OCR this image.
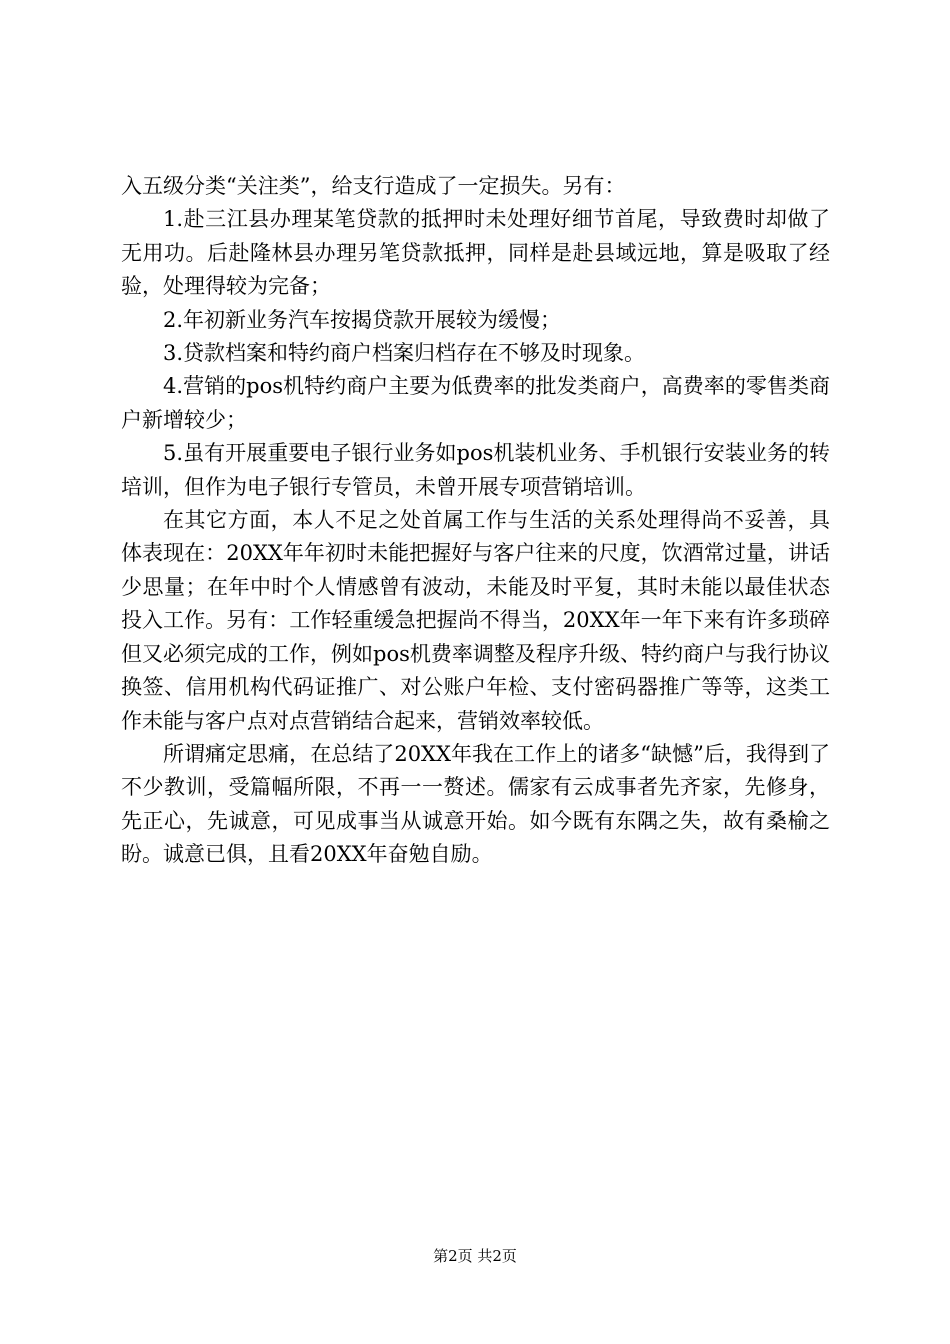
入五级分类“关注类”，给支行造成了一定损失。另有：

1.赴三江县办理某笔贷款的抵押时未处理好细节首尾，导致费时却做了无用功。后赴隆林县办理另笔贷款抵押，同样是赴县域远地，算是吸取了经验，处理得较为完备；

2.年初新业务汽车按揭贷款开展较为缓慢；

3.贷款档案和特约商户档案归档存在不够及时现象。

4.营销的pos机特约商户主要为低费率的批发类商户，高费率的零售类商户新增较少；

5.虽有开展重要电子银行业务如pos机装机业务、手机银行安装业务的转培训，但作为电子银行专管员，未曾开展专项营销培训。

在其它方面，本人不足之处首属工作与生活的关系处理得尚不妥善，具体表现在：20XX年年初时未能把握好与客户往来的尺度，饮酒常过量，讲话少思量；在年中时个人情感曾有波动，未能及时平复，其时未能以最佳状态投入工作。另有：工作轻重缓急把握尚不得当，20XX年一年下来有许多琐碎但又必须完成的工作，例如pos机费率调整及程序升级、特约商户与我行协议换签、信用机构代码证推广、对公账户年检、支付密码器推广等等，这类工作未能与客户点对点营销结合起来，营销效率较低。

所谓痛定思痛，在总结了20XX年我在工作上的诸多“缺憾”后，我得到了不少教训，受篇幅所限，不再一一赘述。儒家有云成事者先齐家，先修身，先正心，先诚意，可见成事当从诚意开始。如今既有东隅之失，故有桑榆之盼。诚意已俱，且看20XX年奋勉自励。

第2页 共2页
